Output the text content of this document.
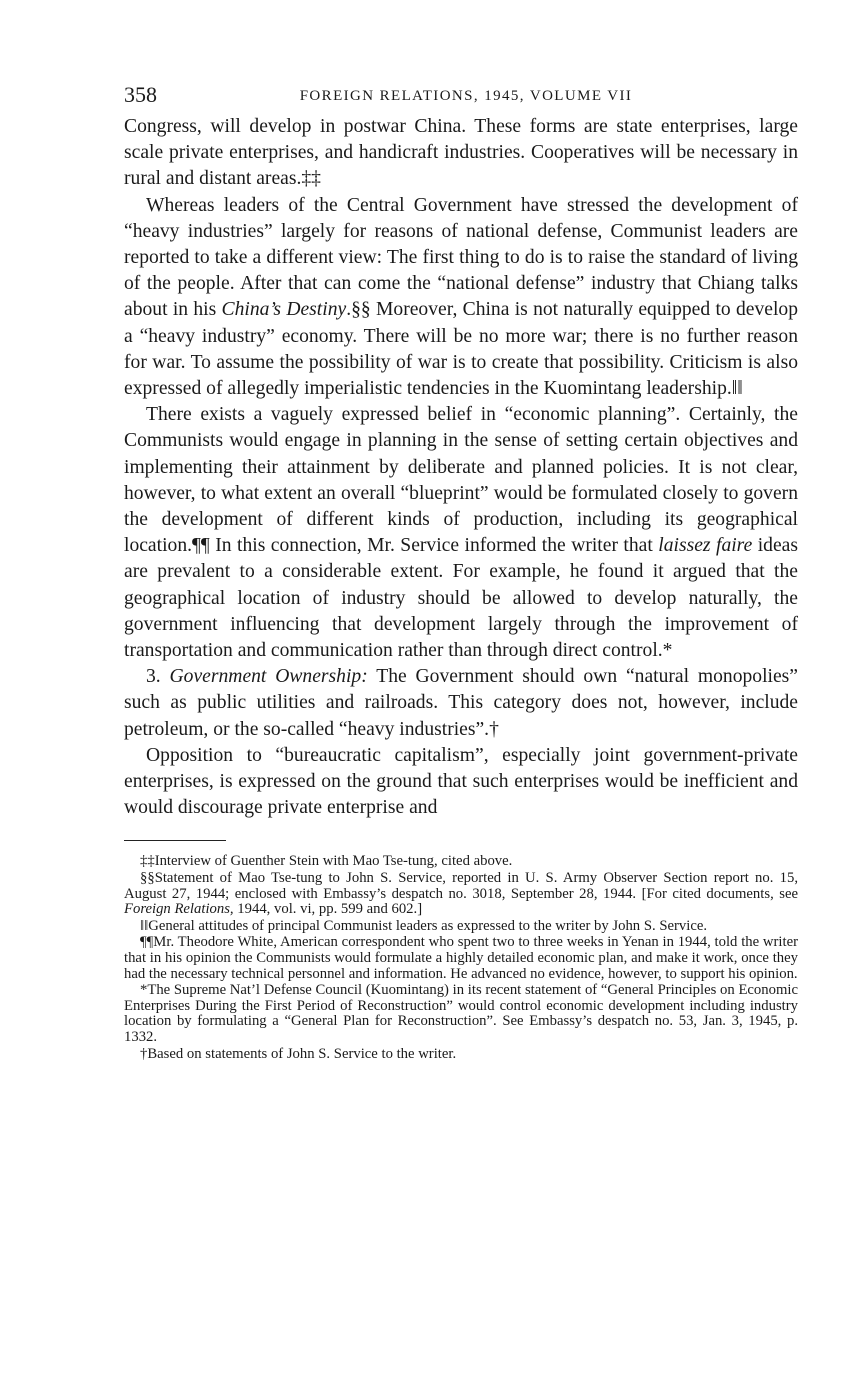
358	FOREIGN RELATIONS, 1945, VOLUME VII

Congress, will develop in postwar China. These forms are state enterprises, large scale private enterprises, and handicraft industries. Cooperatives will be necessary in rural and distant areas.‡‡

Whereas leaders of the Central Government have stressed the development of “heavy industries” largely for reasons of national defense, Communist leaders are reported to take a different view: The first thing to do is to raise the standard of living of the people. After that can come the “national defense” industry that Chiang talks about in his China’s Destiny.§§ Moreover, China is not naturally equipped to develop a “heavy industry” economy. There will be no more war; there is no further reason for war. To assume the possibility of war is to create that possibility. Criticism is also expressed of allegedly imperialistic tendencies in the Kuomintang leadership.‖‖

There exists a vaguely expressed belief in “economic planning”. Certainly, the Communists would engage in planning in the sense of setting certain objectives and implementing their attainment by deliberate and planned policies. It is not clear, however, to what extent an overall “blueprint” would be formulated closely to govern the development of different kinds of production, including its geographical location.¶¶ In this connection, Mr. Service informed the writer that laissez faire ideas are prevalent to a considerable extent. For example, he found it argued that the geographical location of industry should be allowed to develop naturally, the government influencing that development largely through the improvement of transportation and communication rather than through direct control.*

3. Government Ownership: The Government should own “natural monopolies” such as public utilities and railroads. This category does not, however, include petroleum, or the so-called “heavy industries”.†

Opposition to “bureaucratic capitalism”, especially joint government-private enterprises, is expressed on the ground that such enterprises would be inefficient and would discourage private enterprise and

‡‡Interview of Guenther Stein with Mao Tse-tung, cited above.

§§Statement of Mao Tse-tung to John S. Service, reported in U. S. Army Observer Section report no. 15, August 27, 1944; enclosed with Embassy’s despatch no. 3018, September 28, 1944. [For cited documents, see Foreign Relations, 1944, vol. vi, pp. 599 and 602.]

‖‖General attitudes of principal Communist leaders as expressed to the writer by John S. Service.

¶¶Mr. Theodore White, American correspondent who spent two to three weeks in Yenan in 1944, told the writer that in his opinion the Communists would formulate a highly detailed economic plan, and make it work, once they had the necessary technical personnel and information. He advanced no evidence, however, to support his opinion.

*The Supreme Nat’l Defense Council (Kuomintang) in its recent statement of “General Principles on Economic Enterprises During the First Period of Reconstruction” would control economic development including industry location by formulating a “General Plan for Reconstruction”. See Embassy’s despatch no. 53, Jan. 3, 1945, p. 1332.

†Based on statements of John S. Service to the writer.
